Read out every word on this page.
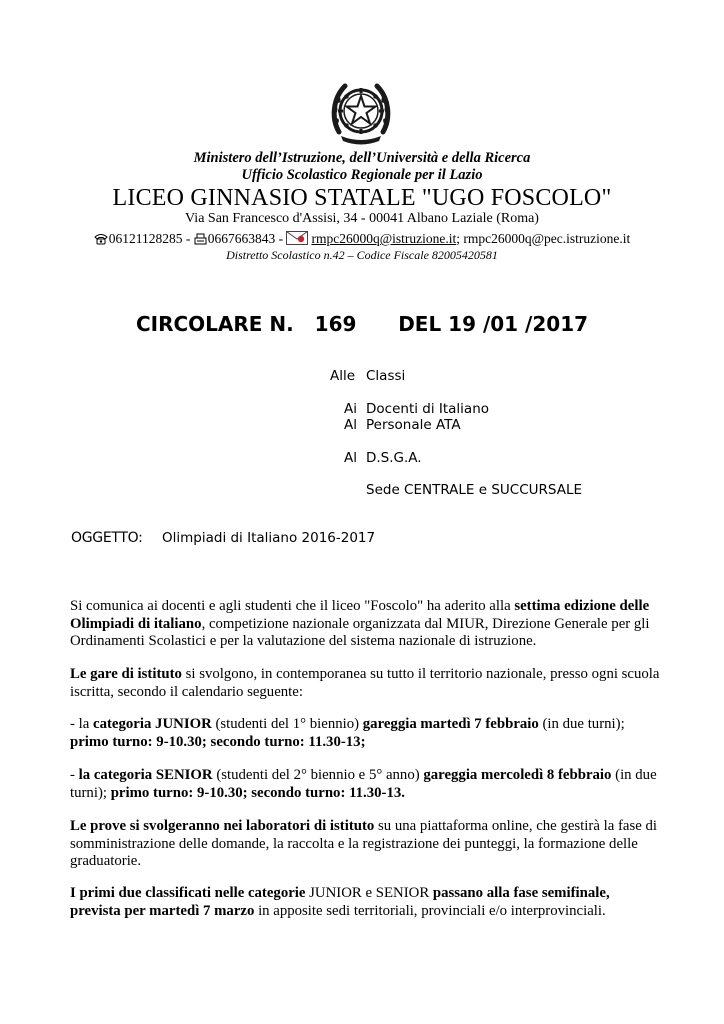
Ministero dell’Istruzione, dell’Università e della Ricerca
Ufficio Scolastico Regionale per il Lazio
LICEO GINNASIO STATALE "UGO FOSCOLO"
Via San Francesco d'Assisi, 34 - 00041 Albano Laziale (Roma)
06121128285 - 0667663843 - rmpc26000q@istruzione.it; rmpc26000q@pec.istruzione.it
Distretto Scolastico n.42 – Codice Fiscale 82005420581
CIRCOLARE N. 169 DEL 19 /01 /2017
Alle Classi
Ai Docenti di Italiano
Al Personale ATA
Al D.S.G.A.
Sede CENTRALE e SUCCURSALE
OGGETTO: Olimpiadi di Italiano 2016-2017
Si comunica ai docenti e agli studenti che il liceo "Foscolo" ha aderito alla settima edizione delle Olimpiadi di italiano, competizione nazionale organizzata dal MIUR, Direzione Generale per gli Ordinamenti Scolastici e per la valutazione del sistema nazionale di istruzione.
Le gare di istituto si svolgono, in contemporanea su tutto il territorio nazionale, presso ogni scuola iscritta, secondo il calendario seguente:
- la categoria JUNIOR (studenti del 1° biennio) gareggia martedì 7 febbraio (in due turni); primo turno: 9-10.30; secondo turno: 11.30-13;
- la categoria SENIOR (studenti del 2° biennio e 5° anno) gareggia mercoledì 8 febbraio (in due turni); primo turno: 9-10.30; secondo turno: 11.30-13.
Le prove si svolgeranno nei laboratori di istituto su una piattaforma online, che gestirà la fase di somministrazione delle domande, la raccolta e la registrazione dei punteggi, la formazione delle graduatorie.
I primi due classificati nelle categorie JUNIOR e SENIOR passano alla fase semifinale, prevista per martedì 7 marzo in apposite sedi territoriali, provinciali e/o interprovinciali.
